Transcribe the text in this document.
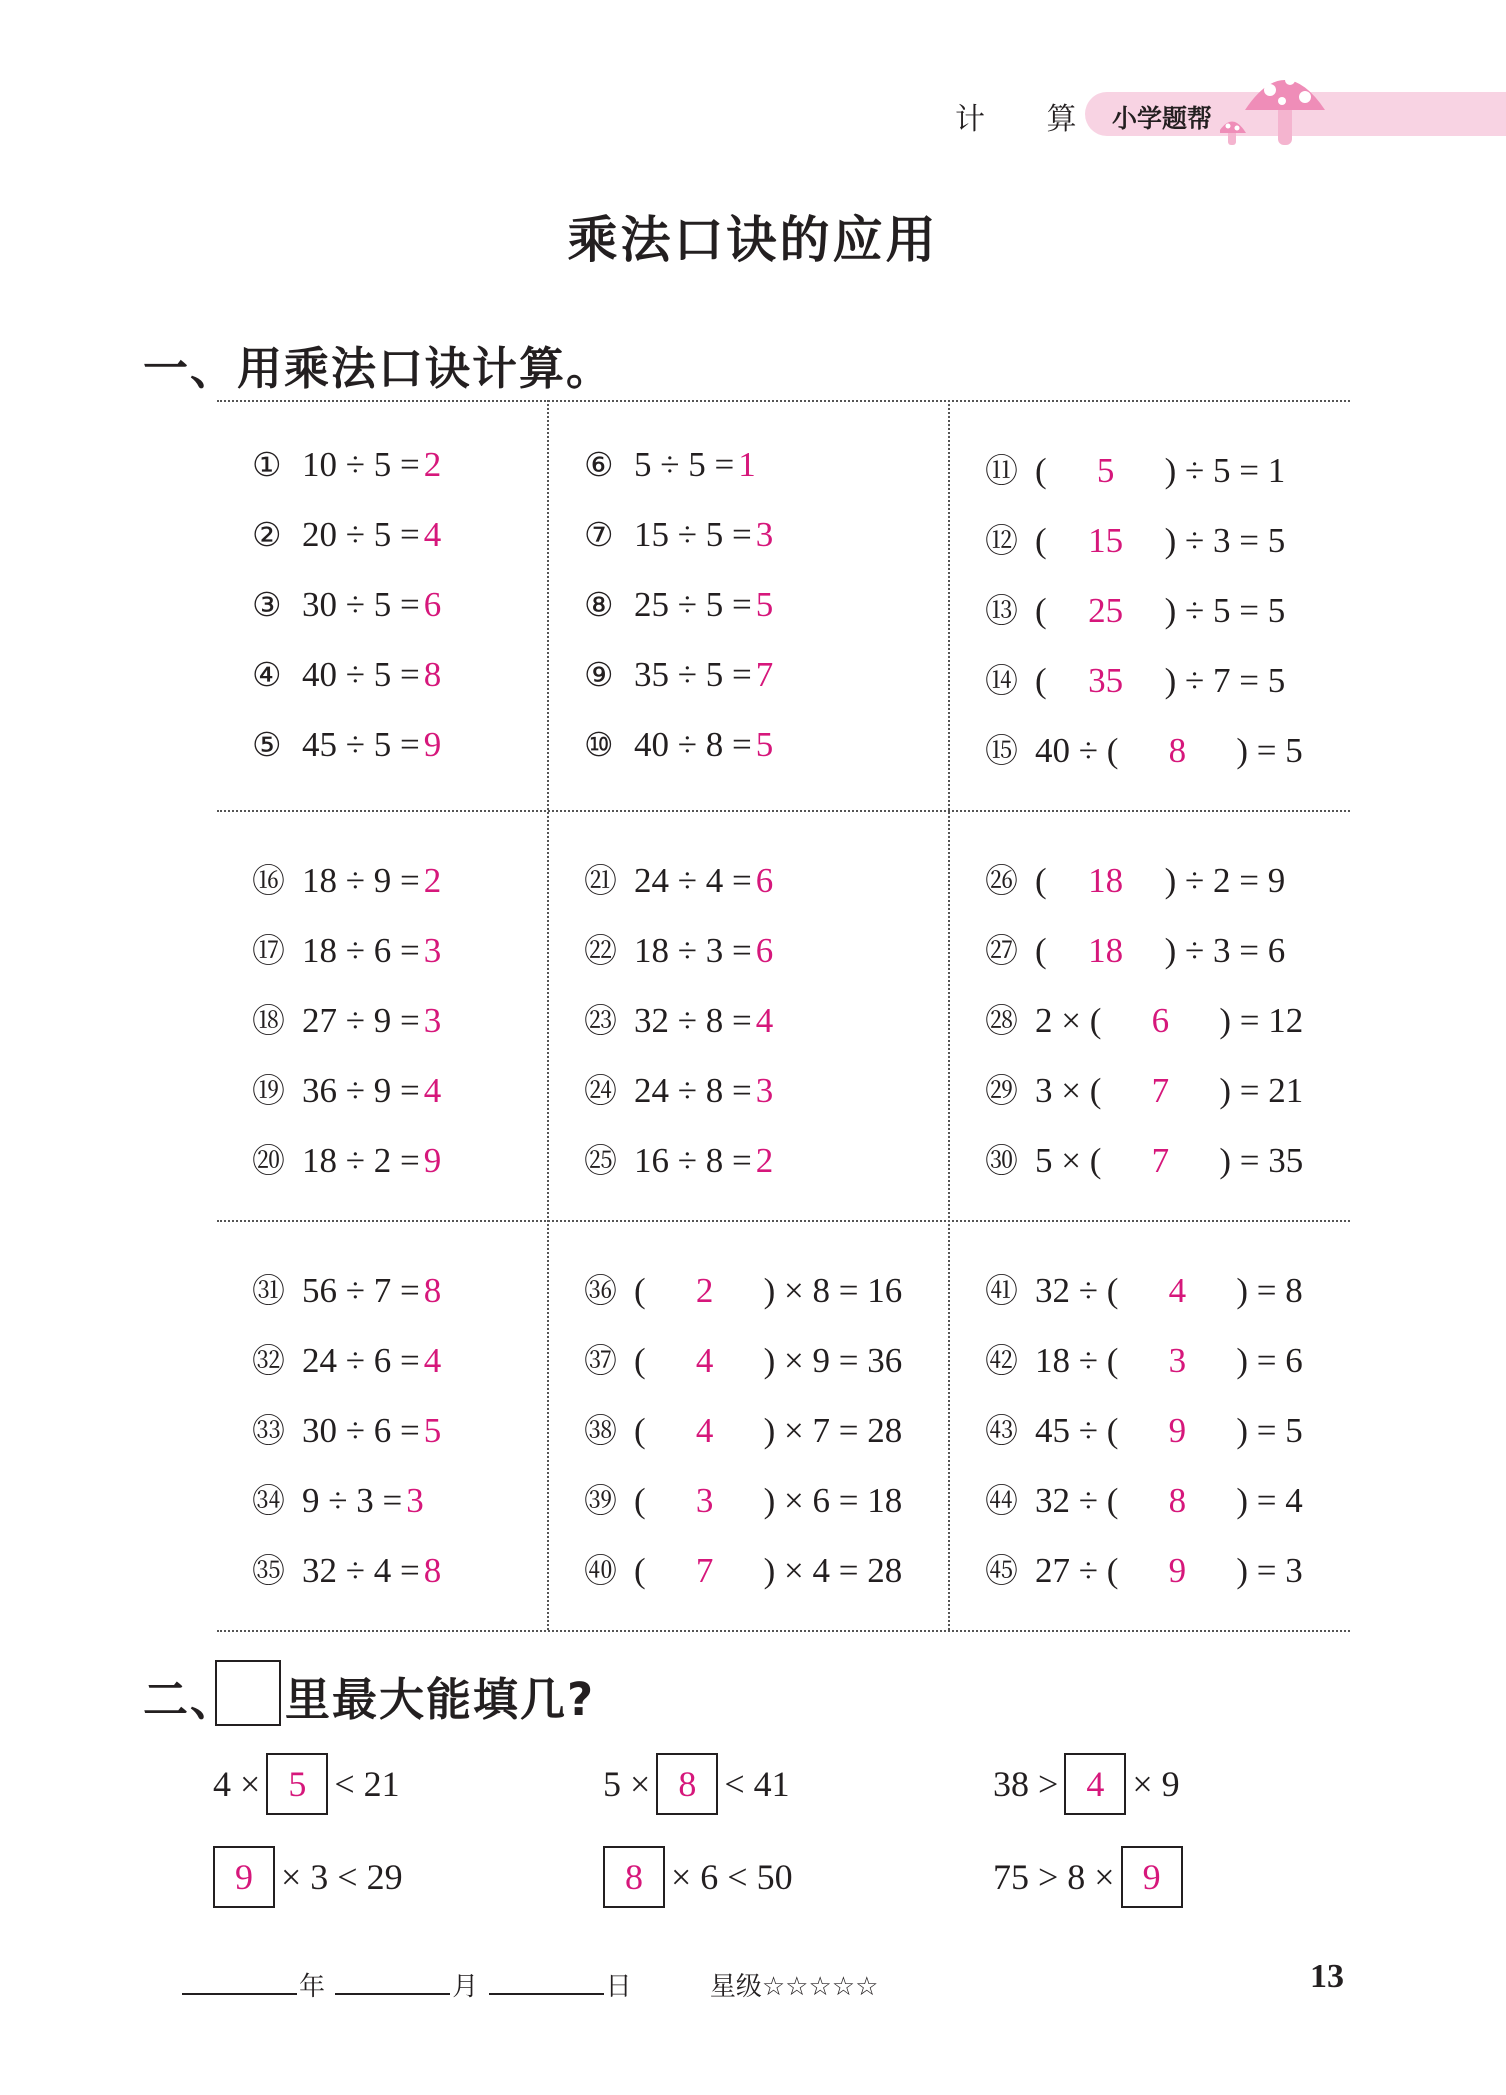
计 算 小学题帮
乘法口诀的应用
一、用乘法口诀计算。
① 10 ÷ 5 = 2
② 20 ÷ 5 = 4
③ 30 ÷ 5 = 6
④ 40 ÷ 5 = 8
⑤ 45 ÷ 5 = 9
⑥ 5 ÷ 5 = 1
⑦ 15 ÷ 5 = 3
⑧ 25 ÷ 5 = 5
⑨ 35 ÷ 5 = 7
⑩ 40 ÷ 8 = 5
⑪ ( 5 ) ÷ 5 = 1
⑫ ( 15 ) ÷ 3 = 5
⑬ ( 25 ) ÷ 5 = 5
⑭ ( 35 ) ÷ 7 = 5
⑮ 40 ÷ ( 8 ) = 5
⑯ 18 ÷ 9 = 2
⑰ 18 ÷ 6 = 3
⑱ 27 ÷ 9 = 3
⑲ 36 ÷ 9 = 4
⑳ 18 ÷ 2 = 9
㉑ 24 ÷ 4 = 6
㉒ 18 ÷ 3 = 6
㉓ 32 ÷ 8 = 4
㉔ 24 ÷ 8 = 3
㉕ 16 ÷ 8 = 2
㉖ ( 18 ) ÷ 2 = 9
㉗ ( 18 ) ÷ 3 = 6
㉘ 2 × ( 6 ) = 12
㉙ 3 × ( 7 ) = 21
㉚ 5 × ( 7 ) = 35
㉛ 56 ÷ 7 = 8
㉜ 24 ÷ 6 = 4
㉝ 30 ÷ 6 = 5
㉞ 9 ÷ 3 = 3
㉟ 32 ÷ 4 = 8
㊱ ( 2 ) × 8 = 16
㊲ ( 4 ) × 9 = 36
㊳ ( 4 ) × 7 = 28
㊴ ( 3 ) × 6 = 18
㊵ ( 7 ) × 4 = 28
㊶ 32 ÷ ( 4 ) = 8
㊷ 18 ÷ ( 3 ) = 6
㊸ 45 ÷ ( 9 ) = 5
㊹ 32 ÷ ( 8 ) = 4
㊺ 27 ÷ ( 9 ) = 3
二、 里最大能填几?
4 × 5 < 21	5 × 8 < 41	38 > 4 × 9
9 × 3 < 29	8 × 6 < 50	75 > 8 × 9
年	月	日	星级☆☆☆☆☆	13
